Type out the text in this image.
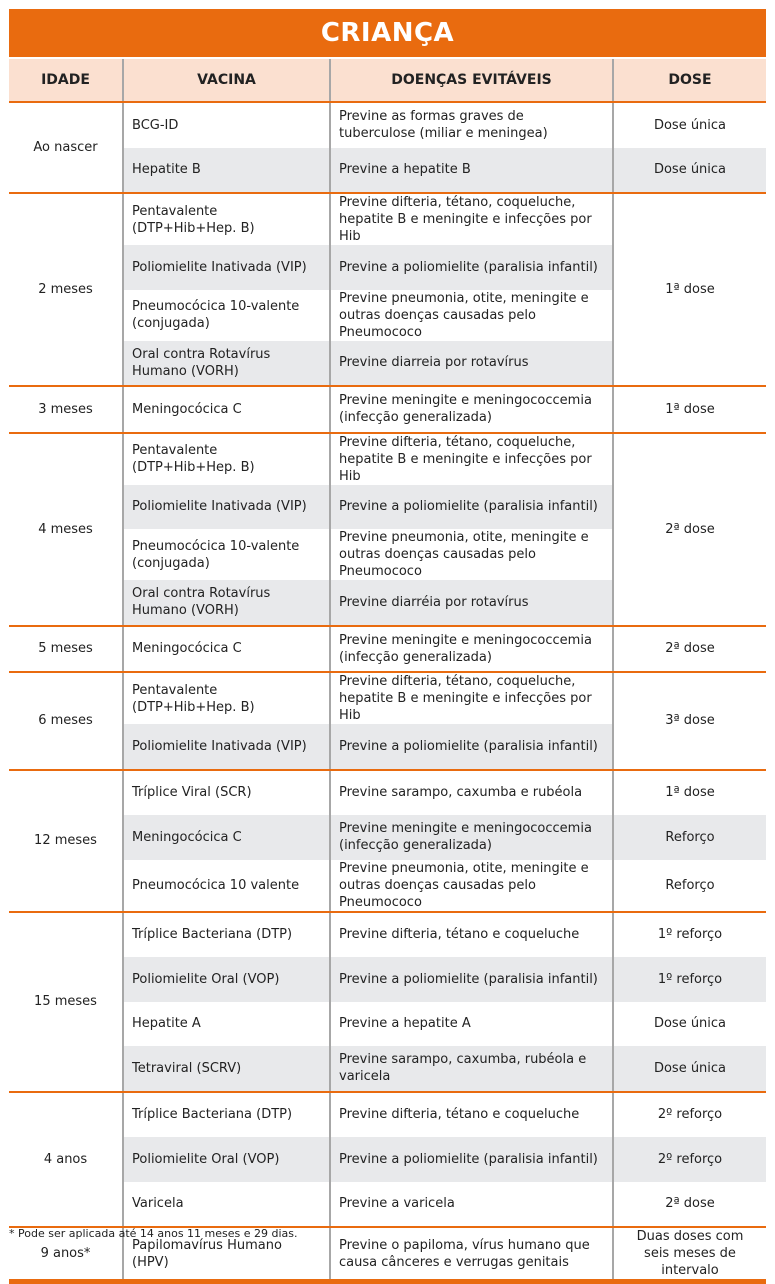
CRIANÇA
IDADE	VACINA	DOENÇAS EVITÁVEIS	DOSE
Ao nascer	BCG-ID	Previne as formas graves de tuberculose (miliar e meningea)	Dose única
	Hepatite B	Previne a hepatite B	Dose única
2 meses	Pentavalente (DTP+Hib+Hep. B)	Previne difteria, tétano, coqueluche, hepatite B e meningite e infecções por Hib	1ª dose
	Poliomielite Inativada (VIP)	Previne a poliomielite (paralisia infantil)	
	Pneumocócica 10-valente (conjugada)	Previne pneumonia, otite, meningite e outras doenças causadas pelo Pneumococo	
	Oral contra Rotavírus Humano (VORH)	Previne diarreia por rotavírus	
3 meses	Meningocócica C	Previne meningite e meningococcemia (infecção generalizada)	1ª dose
4 meses	Pentavalente (DTP+Hib+Hep. B)	Previne difteria, tétano, coqueluche, hepatite B e meningite e infecções por Hib	2ª dose
	Poliomielite Inativada (VIP)	Previne a poliomielite (paralisia infantil)	
	Pneumocócica 10-valente (conjugada)	Previne pneumonia, otite, meningite e outras doenças causadas pelo Pneumococo	
	Oral contra Rotavírus Humano (VORH)	Previne diarréia por rotavírus	
5 meses	Meningocócica C	Previne meningite e meningococcemia (infecção generalizada)	2ª dose
6 meses	Pentavalente (DTP+Hib+Hep. B)	Previne difteria, tétano, coqueluche, hepatite B e meningite e infecções por Hib	3ª dose
	Poliomielite Inativada (VIP)	Previne a poliomielite (paralisia infantil)	
12 meses	Tríplice Viral (SCR)	Previne sarampo, caxumba e rubéola	1ª dose
	Meningocócica C	Previne meningite e meningococcemia (infecção generalizada)	Reforço
	Pneumocócica 10 valente	Previne pneumonia, otite, meningite e outras doenças causadas pelo Pneumococo	Reforço
15 meses	Tríplice Bacteriana (DTP)	Previne difteria, tétano e coqueluche	1º reforço
	Poliomielite Oral (VOP)	Previne a poliomielite (paralisia infantil)	1º reforço
	Hepatite A	Previne a hepatite A	Dose única
	Tetraviral (SCRV)	Previne sarampo, caxumba, rubéola e varicela	Dose única
4 anos	Tríplice Bacteriana (DTP)	Previne difteria, tétano e coqueluche	2º reforço
	Poliomielite Oral (VOP)	Previne a poliomielite (paralisia infantil)	2º reforço
	Varicela	Previne a varicela	2ª dose
9 anos*	Papilomavírus Humano (HPV)	Previne o papiloma, vírus humano que causa cânceres e verrugas genitais	Duas doses com seis meses de intervalo
* Pode ser aplicada até 14 anos 11 meses e 29 dias.
